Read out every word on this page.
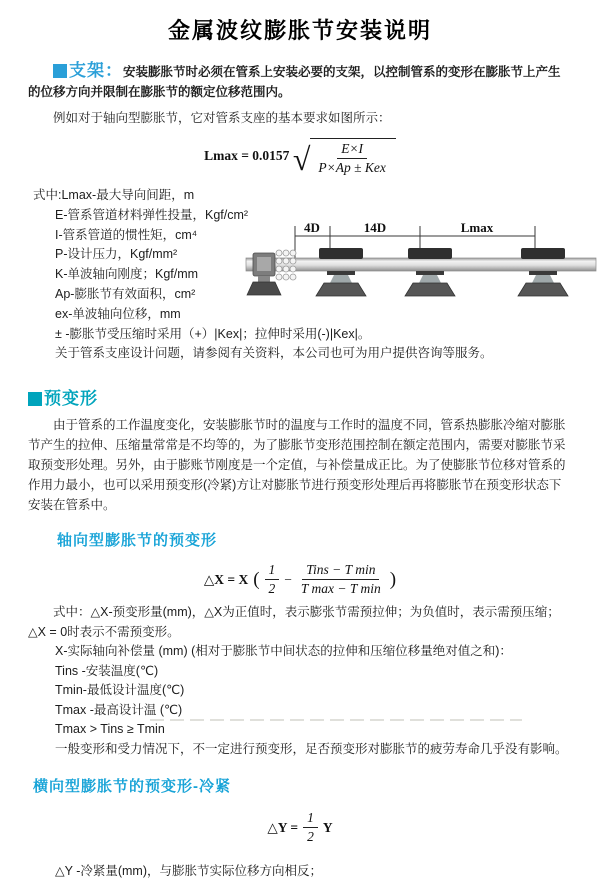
金属波纹膨胀节安装说明
支架：安装膨胀节时必须在管系上安装必要的支架，以控制管系的变形在膨胀节上产生的位移方向并限制在膨胀节的额定位移范围内。
例如对于轴向型膨胀节，它对管系支座的基本要求如图所示：
Lmax = 0.0157 √ $\frac{E\times I}{\text{P×Ap ± Kex}}$
式中:Lmax-最大导向间距，m
E-管系管道材料弹性投量，Kgf/cm²
I-管系管道的惯性矩，cm⁴
P-设计压力，Kgf/mm²
K-单波轴向刚度；Kgf/mm
Ap-膨胀节有效面积，cm²
ex-单波轴向位移，mm
± -膨胀节受压缩时采用（+）|Kex|；拉伸时采用(-)|Kex|。
关于管系支座设计问题，请参阅有关资料，本公司也可为用户提供咨询等服务。
4D	14D	Lmax
预变形
由于管系的工作温度变化，安装膨胀节时的温度与工作时的温度不同，管系热膨胀冷缩对膨胀节产生的拉伸、压缩量常常是不均等的，为了膨胀节变形范围控制在额定范围内，需要对膨胀节采取预变形处理。另外，由于膨账节刚度是一个定值，与补偿量成正比。为了使膨胀节位移对管系的作用力最小，也可以采用预变形(冷紧)方让对膨胀节进行预变形处理后再将膨胀节在预变形状态下安装在管系中。
轴向型膨胀节的预变形
△X = X ( $\frac{1}{2} - \frac{\text{Tins − T min}}{\text{T max − T min}}$ )
式中：△X-预变形量(mm)，△X为正值时，表示膨张节需预拉伸；为负值时，表示需预压缩；△X = 0时表示不需预变形。
X-实际轴向补偿量 (mm) (相对于膨胀节中间状态的拉伸和压缩位移量绝对值之和)：
Tins -安装温度(℃)
Tmin-最低设计温度(℃)
Tmax -最高设计温 (℃)
Tmax > Tins ≥ Tmin
一般变形和受力情况下，不一定进行预变形，足否预变形对膨胀节的疲劳寿命几乎没有影响。
横向型膨胀节的预变形-冷紧
△Y = $\frac{1}{2}$ Y
△Y -冷紧量(mm)，与膨胀节实际位移方向相反；
